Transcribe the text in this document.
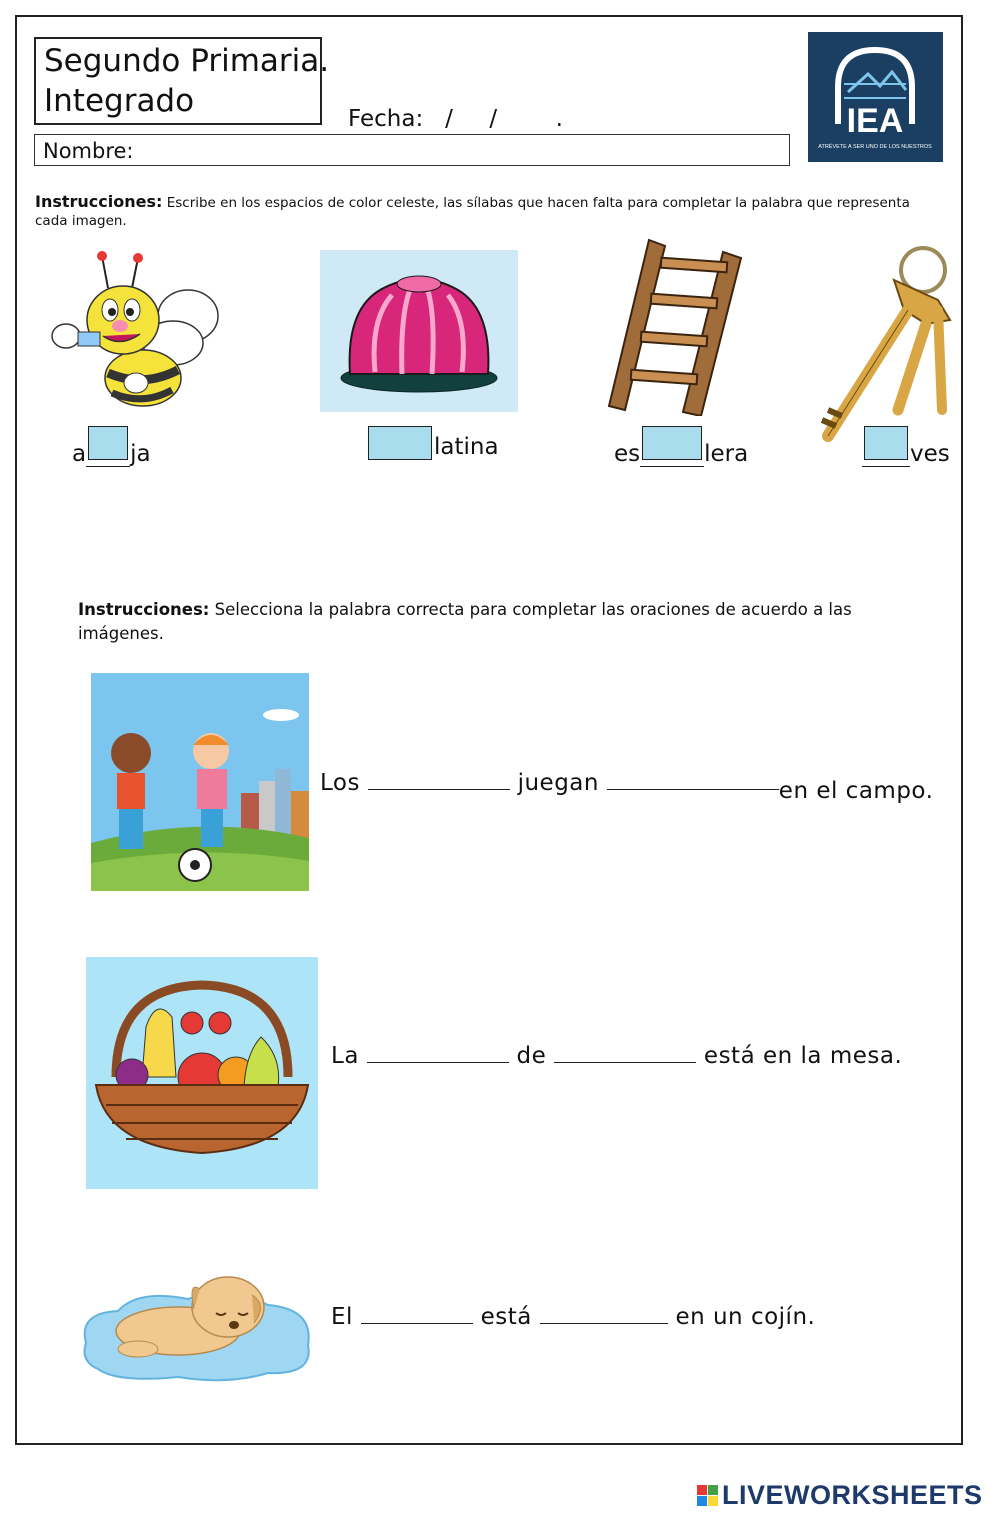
Segundo Primaria.
Integrado	Fecha:   /     /        .
Nombre:
IEA
ATRÉVETE A SER UNO DE LOS NUESTROS
Instrucciones: Escribe en los espacios de color celeste, las sílabas que hacen falta para completar la palabra que representa cada imagen.
a ja	latina	es	lera	ves
Instrucciones: Selecciona la palabra correcta para completar las oraciones de acuerdo a las imágenes.
Los	juegan	en el campo.
La	de	está en la mesa.
El	está	en un cojín.
LIVEWORKSHEETS
